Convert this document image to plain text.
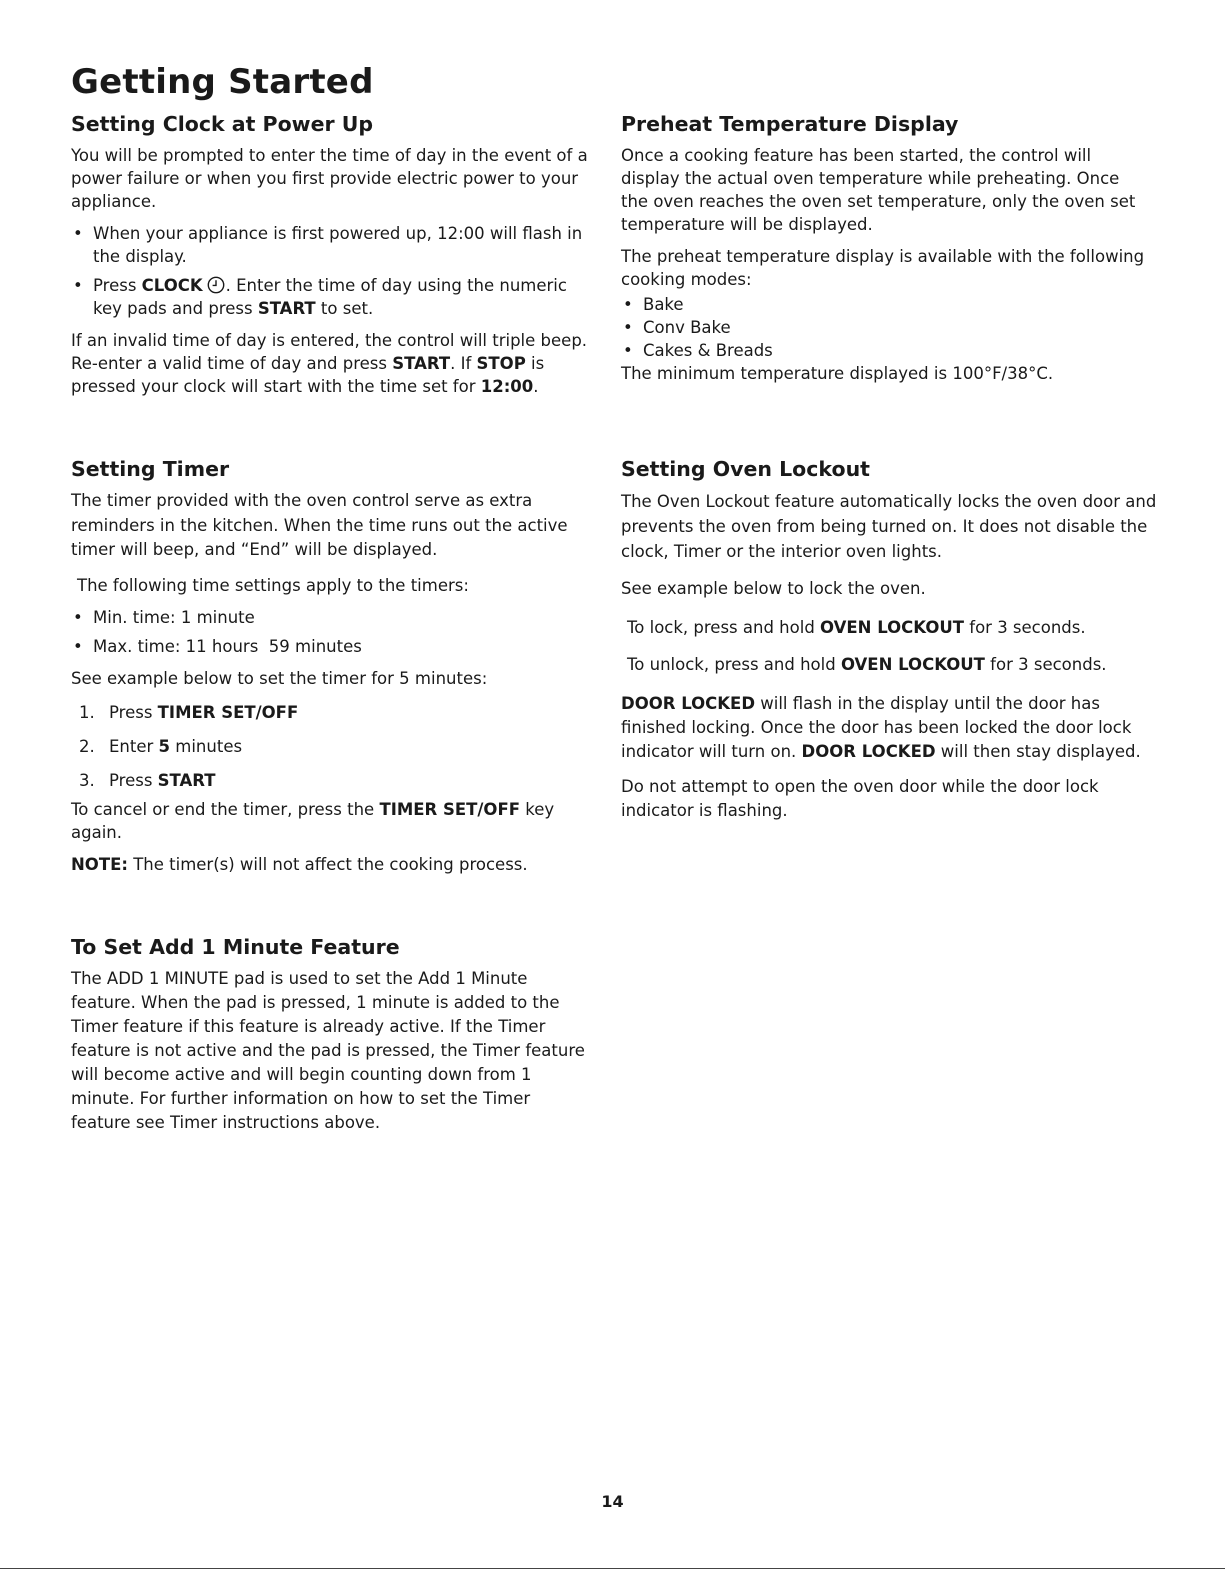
Getting Started
Setting Clock at Power Up

You will be prompted to enter the time of day in the event of a power failure or when you first provide electric power to your appliance.

• When your appliance is first powered up, 12:00 will flash in the display.
• Press CLOCK . Enter the time of day using the numeric key pads and press START to set.

If an invalid time of day is entered, the control will triple beep. Re-enter a valid time of day and press START. If STOP is pressed your clock will start with the time set for 12:00.

Preheat Temperature Display

Once a cooking feature has been started, the control will display the actual oven temperature while preheating. Once the oven reaches the oven set temperature, only the oven set temperature will be displayed.

The preheat temperature display is available with the following cooking modes:

• Bake
• Conv Bake
• Cakes & Breads

The minimum temperature displayed is 100°F/38°C.

Setting Timer

The timer provided with the oven control serve as extra reminders in the kitchen. When the time runs out the active timer will beep, and “End” will be displayed.

The following time settings apply to the timers:

• Min. time: 1 minute
• Max. time: 11 hours  59 minutes

See example below to set the timer for 5 minutes:

1. Press TIMER SET/OFF
2. Enter 5 minutes
3. Press START

To cancel or end the timer, press the TIMER SET/OFF key again.

NOTE: The timer(s) will not affect the cooking process.

Setting Oven Lockout

The Oven Lockout feature automatically locks the oven door and prevents the oven from being turned on. It does not disable the clock, Timer or the interior oven lights.

See example below to lock the oven.

To lock, press and hold OVEN LOCKOUT for 3 seconds.

To unlock, press and hold OVEN LOCKOUT for 3 seconds.

DOOR LOCKED will flash in the display until the door has finished locking. Once the door has been locked the door lock indicator will turn on. DOOR LOCKED will then stay displayed.

Do not attempt to open the oven door while the door lock indicator is flashing.

To Set Add 1 Minute Feature

The ADD 1 MINUTE pad is used to set the Add 1 Minute feature. When the pad is pressed, 1 minute is added to the Timer feature if this feature is already active. If the Timer feature is not active and the pad is pressed, the Timer feature will become active and will begin counting down from 1 minute. For further information on how to set the Timer feature see Timer instructions above.

14
